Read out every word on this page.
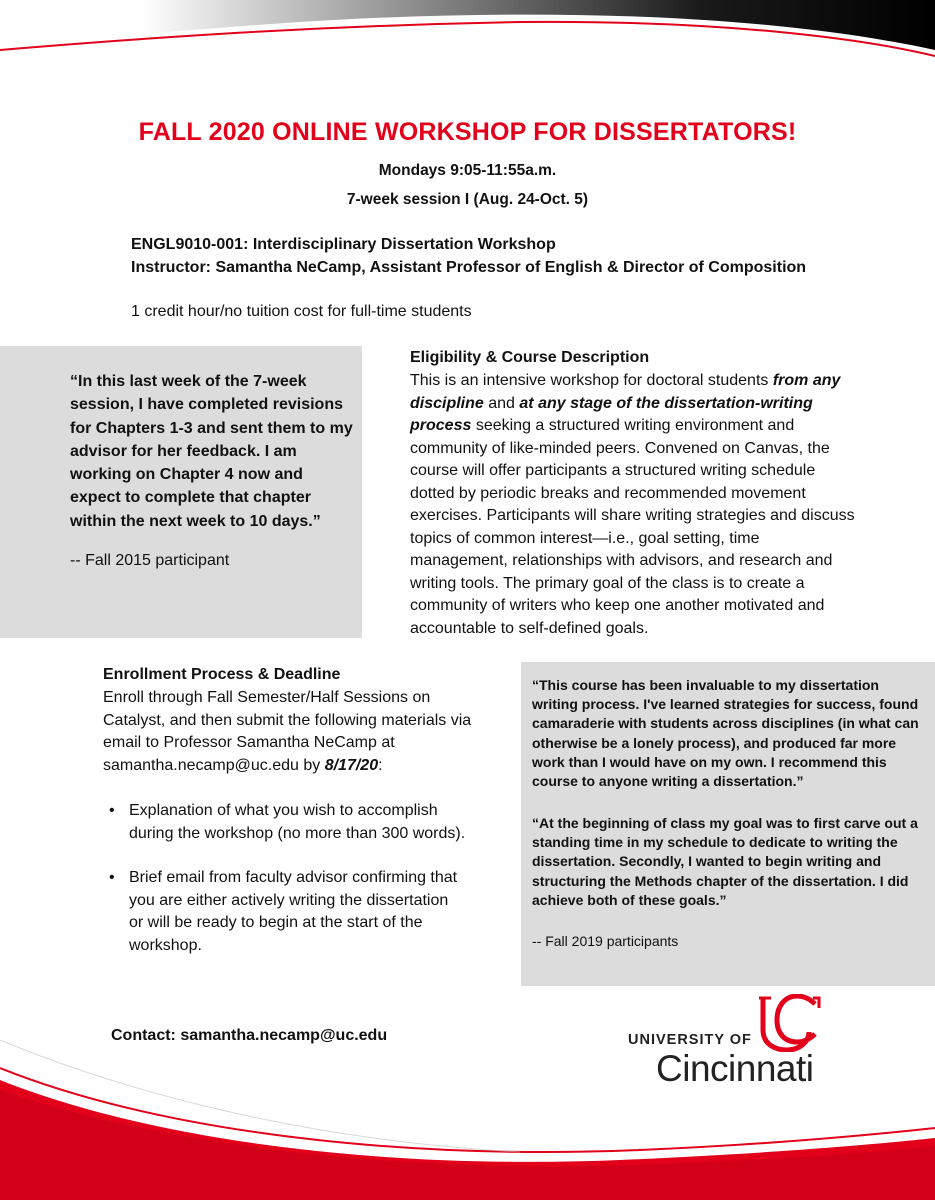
FALL 2020 ONLINE WORKSHOP FOR DISSERTATORS!
Mondays 9:05-11:55a.m.
7-week session I (Aug. 24-Oct. 5)
ENGL9010-001: Interdisciplinary Dissertation Workshop
Instructor: Samantha NeCamp, Assistant Professor of English & Director of Composition
1 credit hour/no tuition cost for full-time students
“In this last week of the 7-week session, I have completed revisions for Chapters 1-3 and sent them to my advisor for her feedback. I am working on Chapter 4 now and expect to complete that chapter within the next week to 10 days.”
-- Fall 2015 participant
Eligibility & Course Description
This is an intensive workshop for doctoral students from any discipline and at any stage of the dissertation-writing process seeking a structured writing environment and community of like-minded peers. Convened on Canvas, the course will offer participants a structured writing schedule dotted by periodic breaks and recommended movement exercises. Participants will share writing strategies and discuss topics of common interest—i.e., goal setting, time management, relationships with advisors, and research and writing tools. The primary goal of the class is to create a community of writers who keep one another motivated and accountable to self-defined goals.
Enrollment Process & Deadline
Enroll through Fall Semester/Half Sessions on Catalyst, and then submit the following materials via email to Professor Samantha NeCamp at samantha.necamp@uc.edu by 8/17/20:
• Explanation of what you wish to accomplish during the workshop (no more than 300 words).
• Brief email from faculty advisor confirming that you are either actively writing the dissertation or will be ready to begin at the start of the workshop.
“This course has been invaluable to my dissertation writing process. I've learned strategies for success, found camaraderie with students across disciplines (in what can otherwise be a lonely process), and produced far more work than I would have on my own. I recommend this course to anyone writing a dissertation.”
“At the beginning of class my goal was to first carve out a standing time in my schedule to dedicate to writing the dissertation. Secondly, I wanted to begin writing and structuring the Methods chapter of the dissertation. I did achieve both of these goals.”
-- Fall 2019 participants
Contact: samantha.necamp@uc.edu	UNIVERSITY OF
Cincinnati
